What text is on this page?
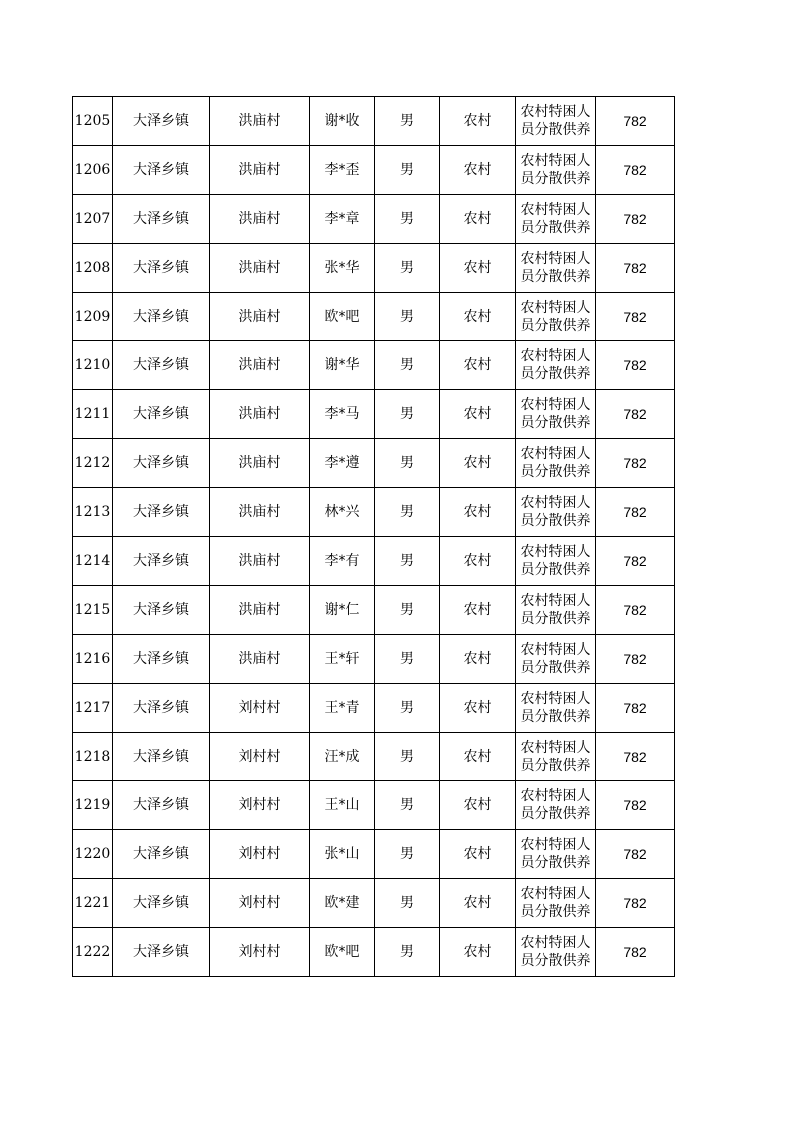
1205	大泽乡镇	洪庙村	谢*收	男	农村	农村特困人员分散供养	782
1206	大泽乡镇	洪庙村	李*歪	男	农村	农村特困人员分散供养	782
1207	大泽乡镇	洪庙村	李*章	男	农村	农村特困人员分散供养	782
1208	大泽乡镇	洪庙村	张*华	男	农村	农村特困人员分散供养	782
1209	大泽乡镇	洪庙村	欧*吧	男	农村	农村特困人员分散供养	782
1210	大泽乡镇	洪庙村	谢*华	男	农村	农村特困人员分散供养	782
1211	大泽乡镇	洪庙村	李*马	男	农村	农村特困人员分散供养	782
1212	大泽乡镇	洪庙村	李*遵	男	农村	农村特困人员分散供养	782
1213	大泽乡镇	洪庙村	林*兴	男	农村	农村特困人员分散供养	782
1214	大泽乡镇	洪庙村	李*有	男	农村	农村特困人员分散供养	782
1215	大泽乡镇	洪庙村	谢*仁	男	农村	农村特困人员分散供养	782
1216	大泽乡镇	洪庙村	王*轩	男	农村	农村特困人员分散供养	782
1217	大泽乡镇	刘村村	王*青	男	农村	农村特困人员分散供养	782
1218	大泽乡镇	刘村村	汪*成	男	农村	农村特困人员分散供养	782
1219	大泽乡镇	刘村村	王*山	男	农村	农村特困人员分散供养	782
1220	大泽乡镇	刘村村	张*山	男	农村	农村特困人员分散供养	782
1221	大泽乡镇	刘村村	欧*建	男	农村	农村特困人员分散供养	782
1222	大泽乡镇	刘村村	欧*吧	男	农村	农村特困人员分散供养	782
